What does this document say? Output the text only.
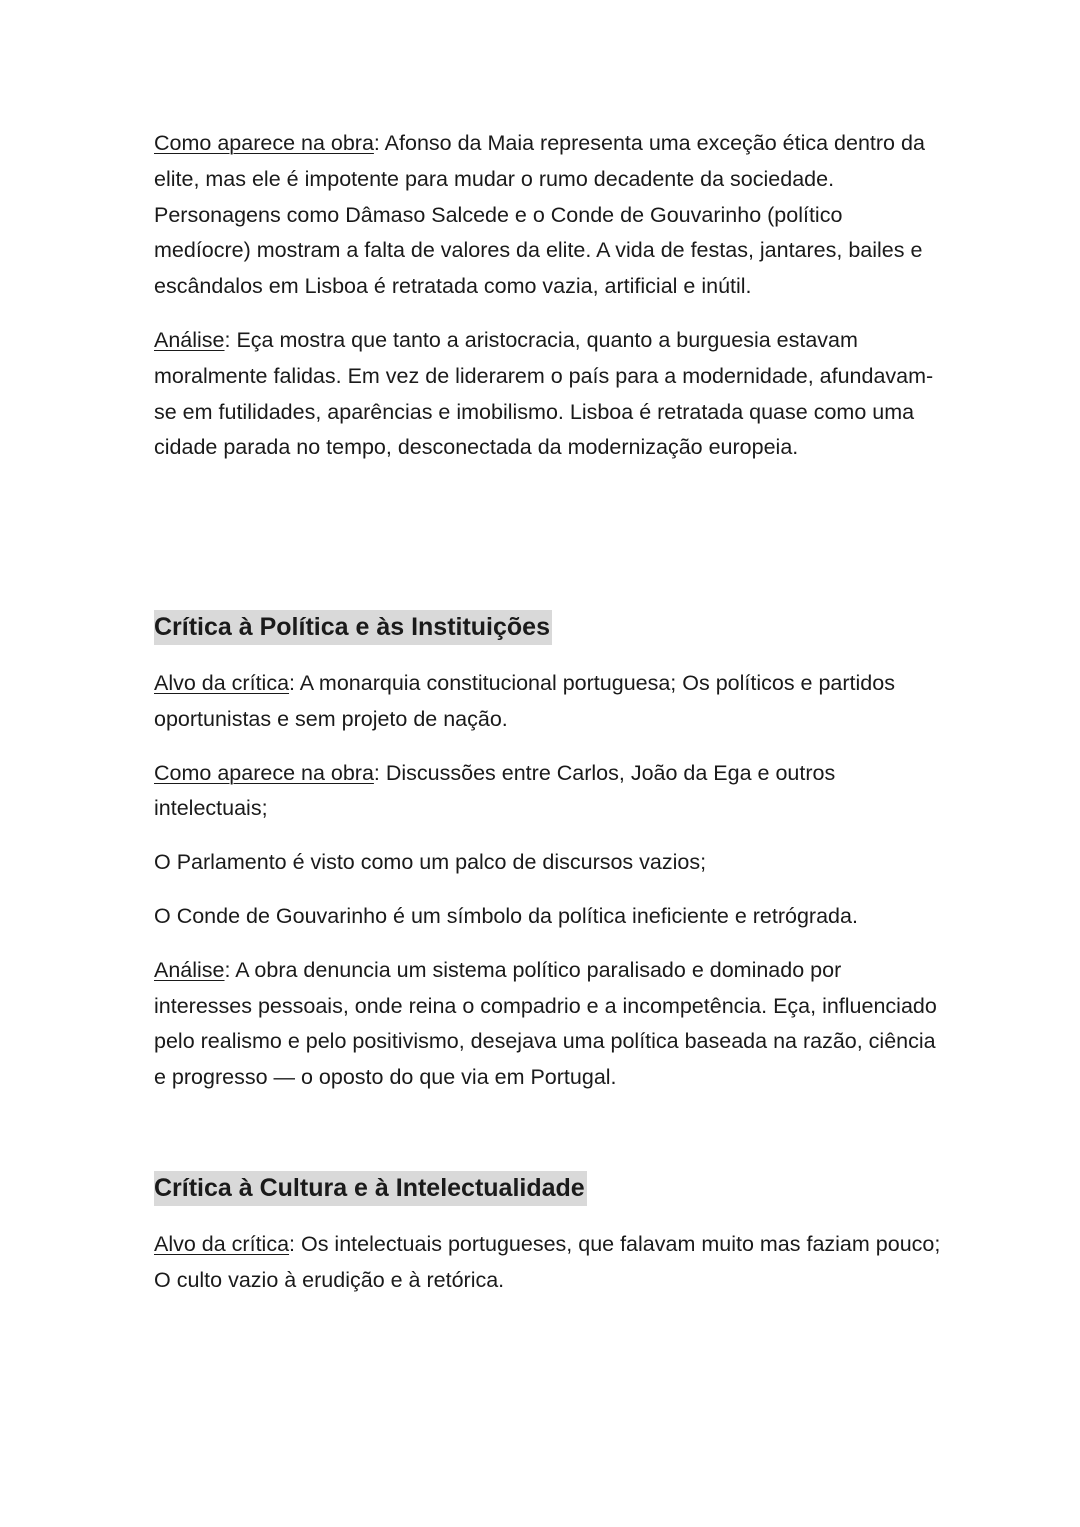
Como aparece na obra: Afonso da Maia representa uma exceção ética dentro da elite, mas ele é impotente para mudar o rumo decadente da sociedade. Personagens como Dâmaso Salcede e o Conde de Gouvarinho (político medíocre) mostram a falta de valores da elite. A vida de festas, jantares, bailes e escândalos em Lisboa é retratada como vazia, artificial e inútil.

Análise: Eça mostra que tanto a aristocracia, quanto a burguesia estavam moralmente falidas. Em vez de liderarem o país para a modernidade, afundavam-se em futilidades, aparências e imobilismo. Lisboa é retratada quase como uma cidade parada no tempo, desconectada da modernização europeia.

Crítica à Política e às Instituições

Alvo da crítica: A monarquia constitucional portuguesa; Os políticos e partidos oportunistas e sem projeto de nação.

Como aparece na obra: Discussões entre Carlos, João da Ega e outros intelectuais;

O Parlamento é visto como um palco de discursos vazios;

O Conde de Gouvarinho é um símbolo da política ineficiente e retrógrada.

Análise: A obra denuncia um sistema político paralisado e dominado por interesses pessoais, onde reina o compadrio e a incompetência. Eça, influenciado pelo realismo e pelo positivismo, desejava uma política baseada na razão, ciência e progresso — o oposto do que via em Portugal.

Crítica à Cultura e à Intelectualidade

Alvo da crítica: Os intelectuais portugueses, que falavam muito mas faziam pouco; O culto vazio à erudição e à retórica.
